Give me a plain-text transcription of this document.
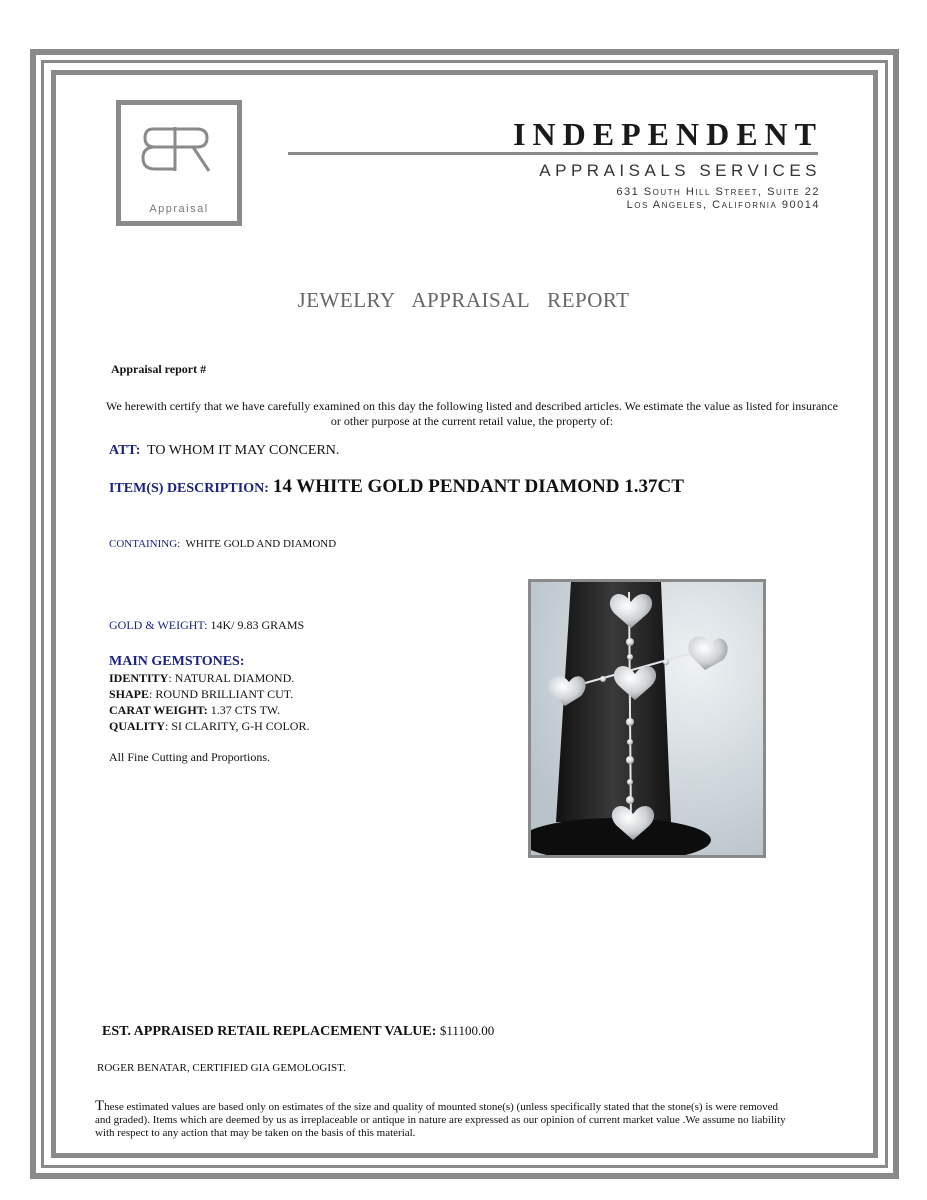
Appraisal
INDEPENDENT
APPRAISALS SERVICES
631 South Hill Street, Suite 22
Los Angeles, California 90014
JEWELRY APPRAISAL REPORT
Appraisal report #
We herewith certify that we have carefully examined on this day the following listed and described articles. We estimate the value as listed for insurance or other purpose at the current retail value, the property of:
ATT: TO WHOM IT MAY CONCERN.
ITEM(S) DESCRIPTION: 14 WHITE GOLD PENDANT DIAMOND 1.37CT
CONTAINING: WHITE GOLD AND DIAMOND
GOLD & WEIGHT: 14K/ 9.83 GRAMS
MAIN GEMSTONES:
IDENTITY: NATURAL DIAMOND.
SHAPE: ROUND BRILLIANT CUT.
CARAT WEIGHT: 1.37 CTS TW.
QUALITY: SI CLARITY, G-H COLOR.
All Fine Cutting and Proportions.
EST. APPRAISED RETAIL REPLACEMENT VALUE: $11100.00
ROGER BENATAR, CERTIFIED GIA GEMOLOGIST.
These estimated values are based only on estimates of the size and quality of mounted stone(s) (unless specifically stated that the stone(s) is were removed and graded). Items which are deemed by us as irreplaceable or antique in nature are expressed as our opinion of current market value .We assume no liability with respect to any action that may be taken on the basis of this material.
